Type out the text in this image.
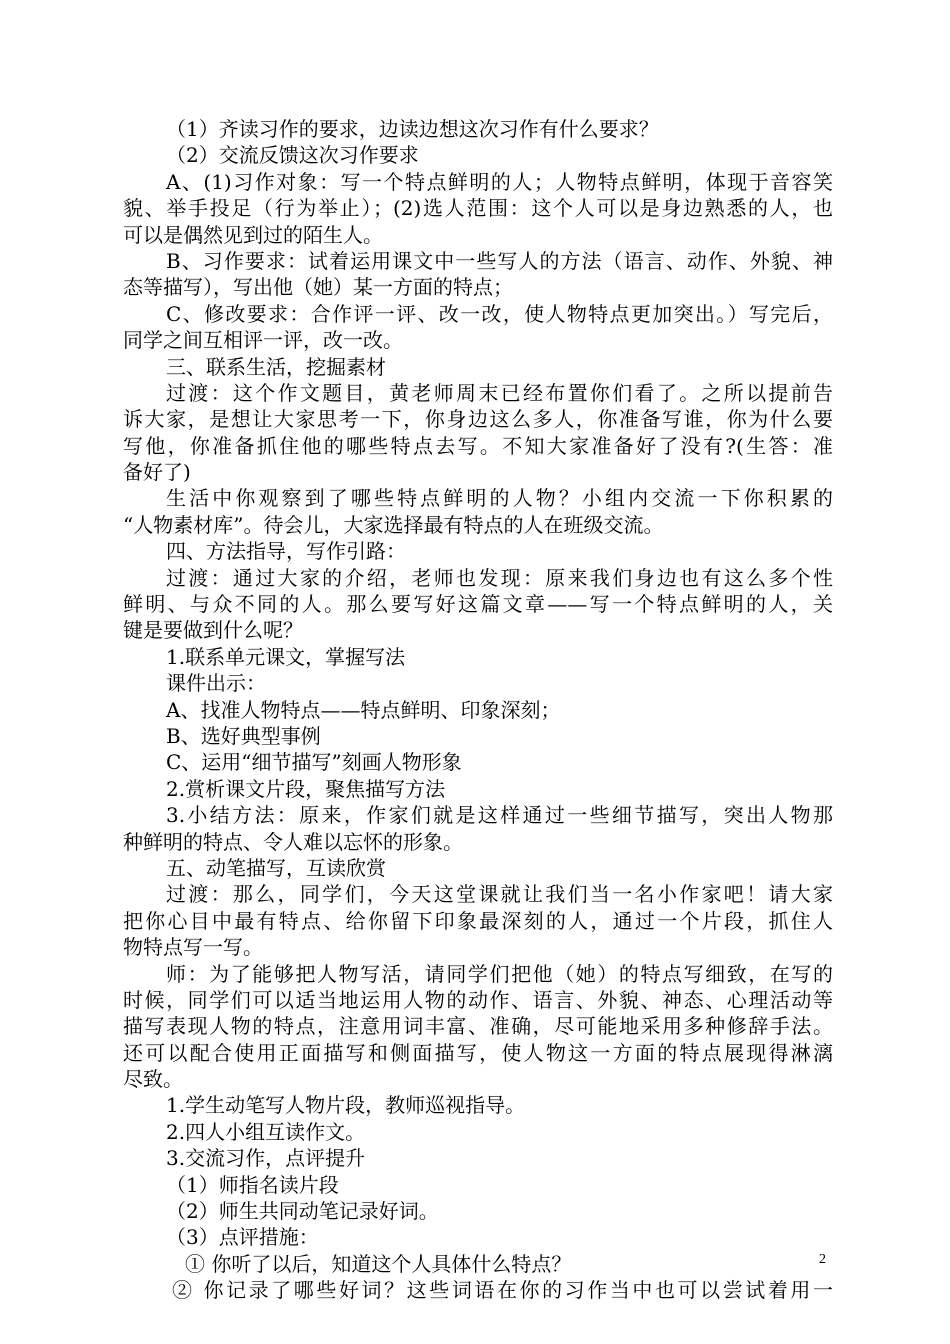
（1）齐读习作的要求，边读边想这次习作有什么要求？
（2）交流反馈这次习作要求
A、(1)习作对象：写一个特点鲜明的人；人物特点鲜明，体现于音容笑
貌、举手投足（行为举止）；(2)选人范围：这个人可以是身边熟悉的人，也
可以是偶然见到过的陌生人。
B、习作要求：试着运用课文中一些写人的方法（语言、动作、外貌、神
态等描写），写出他（她）某一方面的特点；
C、修改要求：合作评一评、改一改，使人物特点更加突出。）写完后，
同学之间互相评一评，改一改。
三、联系生活，挖掘素材
过渡：这个作文题目，黄老师周末已经布置你们看了。之所以提前告
诉大家，是想让大家思考一下，你身边这么多人，你准备写谁，你为什么要
写他，你准备抓住他的哪些特点去写。不知大家准备好了没有?(生答：准
备好了)
生活中你观察到了哪些特点鲜明的人物？小组内交流一下你积累的
“人物素材库”。待会儿，大家选择最有特点的人在班级交流。
四、方法指导，写作引路：
过渡：通过大家的介绍，老师也发现：原来我们身边也有这么多个性
鲜明、与众不同的人。那么要写好这篇文章——写一个特点鲜明的人，关
键是要做到什么呢？
1.联系单元课文，掌握写法
课件出示：
A、找准人物特点——特点鲜明、印象深刻；
B、选好典型事例
C、运用“细节描写”刻画人物形象
2.赏析课文片段，聚焦描写方法
3.小结方法：原来，作家们就是这样通过一些细节描写，突出人物那
种鲜明的特点、令人难以忘怀的形象。
五、动笔描写，互读欣赏
过渡：那么，同学们，今天这堂课就让我们当一名小作家吧！请大家
把你心目中最有特点、给你留下印象最深刻的人，通过一个片段，抓住人
物特点写一写。
师：为了能够把人物写活，请同学们把他（她）的特点写细致，在写的
时候，同学们可以适当地运用人物的动作、语言、外貌、神态、心理活动等
描写表现人物的特点，注意用词丰富、准确，尽可能地采用多种修辞手法。
还可以配合使用正面描写和侧面描写，使人物这一方面的特点展现得淋漓
尽致。
1.学生动笔写人物片段，教师巡视指导。
2.四人小组互读作文。
3.交流习作，点评提升
（1）师指名读片段
（2）师生共同动笔记录好词。
（3）点评措施：
① 你听了以后，知道这个人具体什么特点？
② 你记录了哪些好词？这些词语在你的习作当中也可以尝试着用一
2
